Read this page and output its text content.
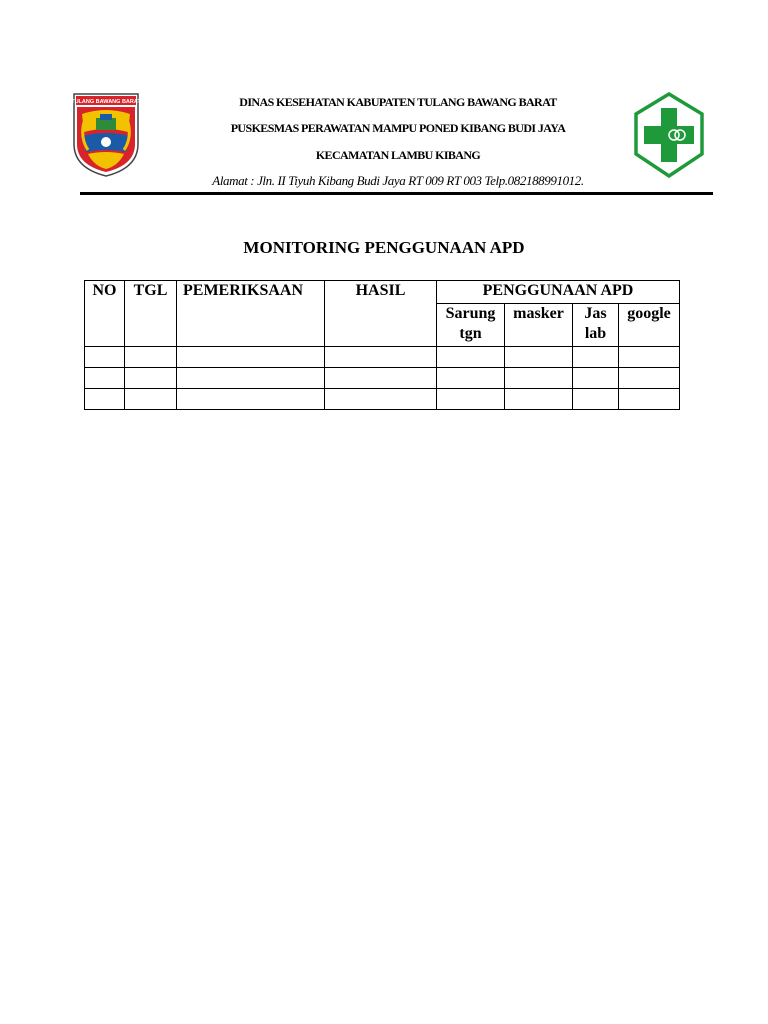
TULANG BAWANG BARAT	DINAS KESEHATAN KABUPATEN TULANG BAWANG BARAT
PUSKESMAS PERAWATAN MAMPU PONED KIBANG BUDI JAYA
KECAMATAN LAMBU KIBANG
Alamat : Jln. II Tiyuh Kibang Budi Jaya RT 009 RT 003 Telp.082188991012.
MONITORING PENGGUNAAN APD
NO	TGL	PEMERIKSAAN	HASIL	PENGGUNAAN APD			
				Sarung tgn	masker	Jas lab	google
